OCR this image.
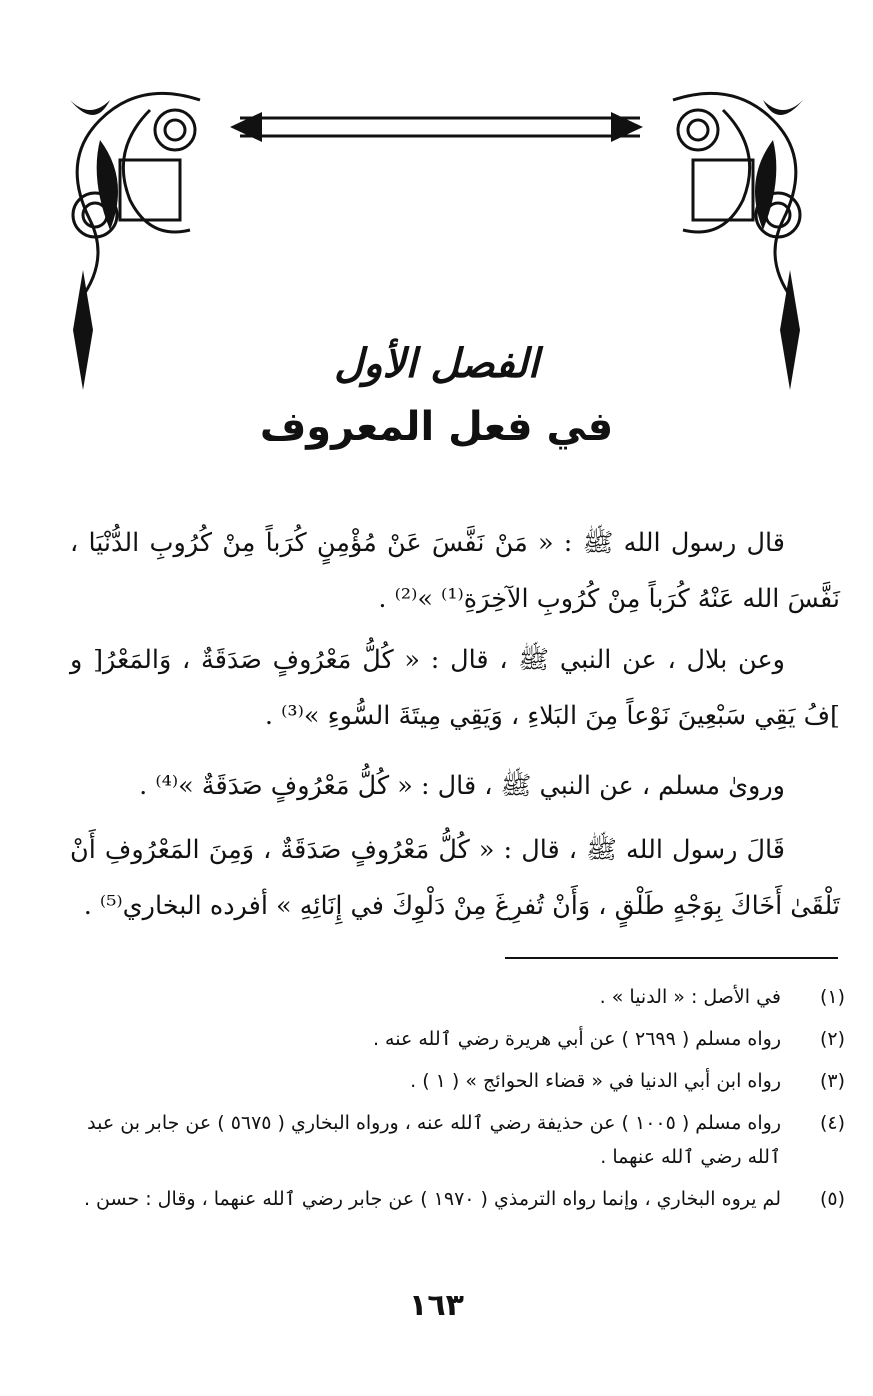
الفصل الأول
في فعل المعروف

قال رسول الله ﷺ : « مَنْ نَفَّسَ عَنْ مُؤْمِنٍ كُرَباً مِنْ كُرُوبِ الدُّنْيَا ، نَفَّسَ الله عَنْهُ كُرَباً مِنْ كُرُوبِ الآخِرَةِ⁽¹⁾ »⁽²⁾ .

وعن بلال ، عن النبي ﷺ ، قال : « كُلُّ مَعْرُوفٍ صَدَقَةٌ ، وَالمَعْرُ[ و ]فُ يَقِي سَبْعِينَ نَوْعاً مِنَ البَلاءِ ، وَيَقِي مِيتَةَ السُّوءِ »⁽³⁾ .

وروىٰ مسلم ، عن النبي ﷺ ، قال : « كُلُّ مَعْرُوفٍ صَدَقَةٌ »⁽⁴⁾ .

قَالَ رسول الله ﷺ ، قال : « كُلُّ مَعْرُوفٍ صَدَقَةٌ ، وَمِنَ المَعْرُوفِ أَنْ تَلْقَىٰ أَخَاكَ بِوَجْهٍ طَلْقٍ ، وَأَنْ تُفرِغَ مِنْ دَلْوِكَ في إِنَائِهِ » أفرده البخاري⁽⁵⁾ .

(١)
في الأصل : « الدنيا » .
(٢)
رواه مسلم ( ٢٦٩٩ ) عن أبي هريرة رضي ٱلله عنه .
(٣)
رواه ابن أبي الدنيا في « قضاء الحوائج » ( ١ ) .
(٤)
رواه مسلم ( ١٠٠٥ ) عن حذيفة رضي ٱلله عنه ، ورواه البخاري ( ٥٦٧٥ ) عن جابر بن عبد ٱلله رضي ٱلله عنهما .
(٥)
لم يروه البخاري ، وإنما رواه الترمذي ( ١٩٧٠ ) عن جابر رضي ٱلله عنهما ، وقال : حسن .
١٦٣
